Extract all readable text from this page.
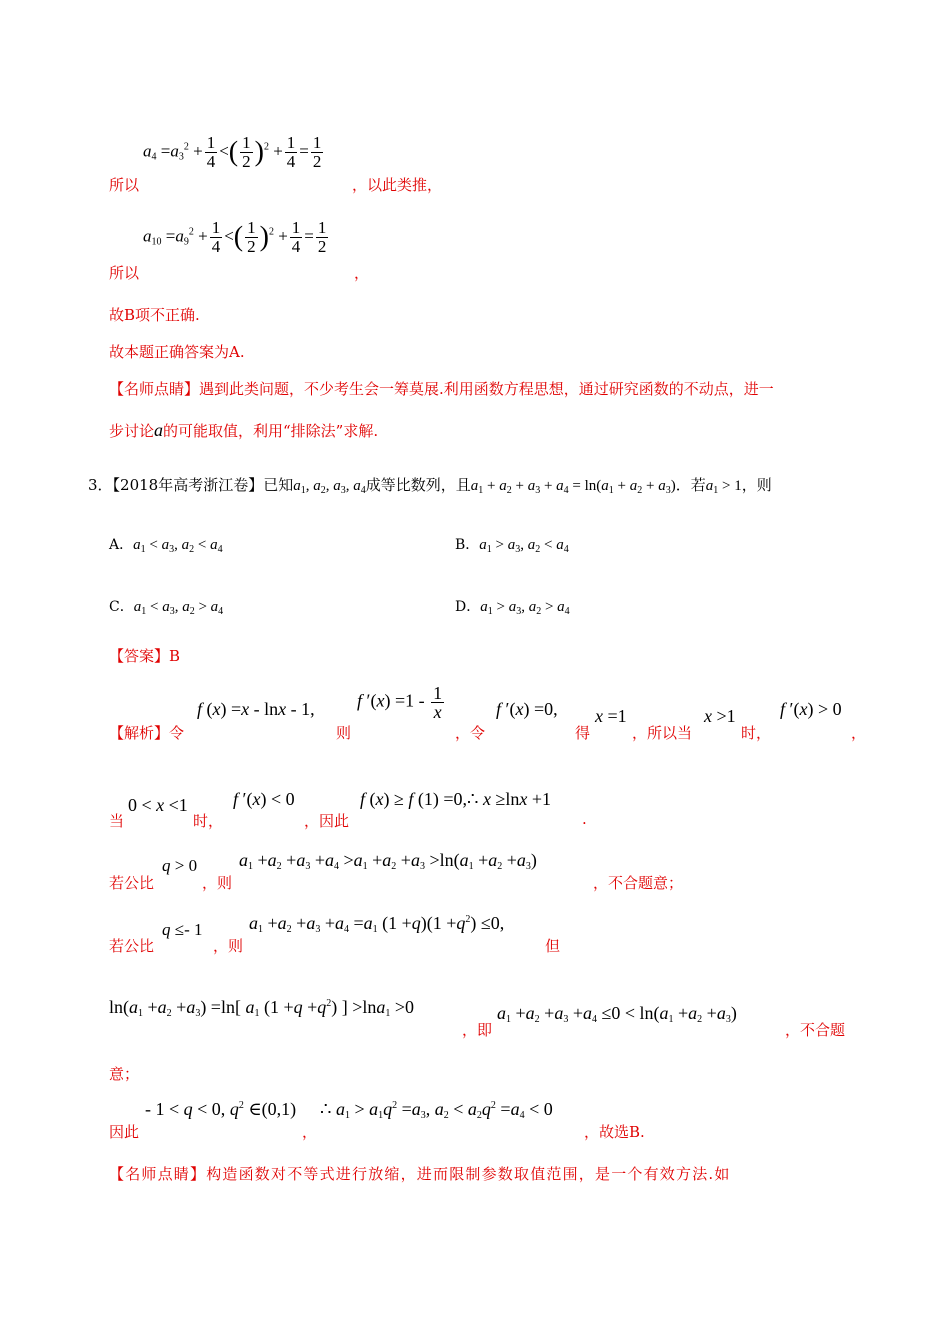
$a_4 =a_3^2 + \frac{1}{4}$ <( $\frac{1}{2} )^2 + \frac{1}{4} = \frac{1}{2}$
所以	，以此类推，
$a_{10} =a_9^2 + \frac{1}{4}$ <( $\frac{1}{2} )^2 + \frac{1}{4} = \frac{1}{2}$
所以	，
故B项不正确.
故本题正确答案为A.
【名师点睛】遇到此类问题，不少考生会一筹莫展.利用函数方程思想，通过研究函数的不动点，进一
步讨论a的可能取值，利用“排除法”求解.
3．【2018年高考浙江卷】已知$a_1$, $a_2$, $a_3$, $a_4$成等比数列，且$a_1 + a_2 + a_3 + a_4 = \ln(a_1 + a_2 + a_3)$．若$a_1 > 1$，则
A．$a_1 < a_3$, $a_2 < a_4$	B．$a_1 > a_3$, $a_2 < a_4$
C．$a_1 < a_3$, $a_2 > a_4$	D．$a_1 > a_3$, $a_2 > a_4$
【答案】B
【解析】令
f (x) =x - lnx - 1,
则
f $'(x) =1 - \frac{1}{x}$
，令
f ′(x) =0,
得
x =1
，所以当
x >1
时，
f ′(x) > 0
，
当
0 < x <1
时，
f ′(x) < 0
，因此
f (x) ≥ f (1) =0,∴ x ≥lnx +1
.
若公比
q > 0
，则
$a_1 +a_2 +a_3 +a_4 >a_1 +a_2 +a_3 >\ln(a_1 +a_2 +a_3)$
，不合题意；
若公比
q ≤- 1
，则
$a_1 +a_2 +a_3 +a_4 =a_1$ $(1 +q)(1 +q^2) \le 0$,
但
$\ln(a_1 +a_2 +a_3) =\ln$[ $a_1$ $(1 +q +q^2)$ ] >lna$_1$ >0
，即
$a_1 +a_2 +a_3 +a_4 \le 0 < \ln(a_1 +a_2 +a_3)$
，不合题
意；
因此
- 1 < q < 0, $q^2$ ∈(0,1)
，
∴ $a_1 > a_1q^2 =a_3$, $a_2 < a_2q^2 =a_4 < 0$
，故选B.
【名师点睛】构造函数对不等式进行放缩，进而限制参数取值范围，是一个有效方法.如
